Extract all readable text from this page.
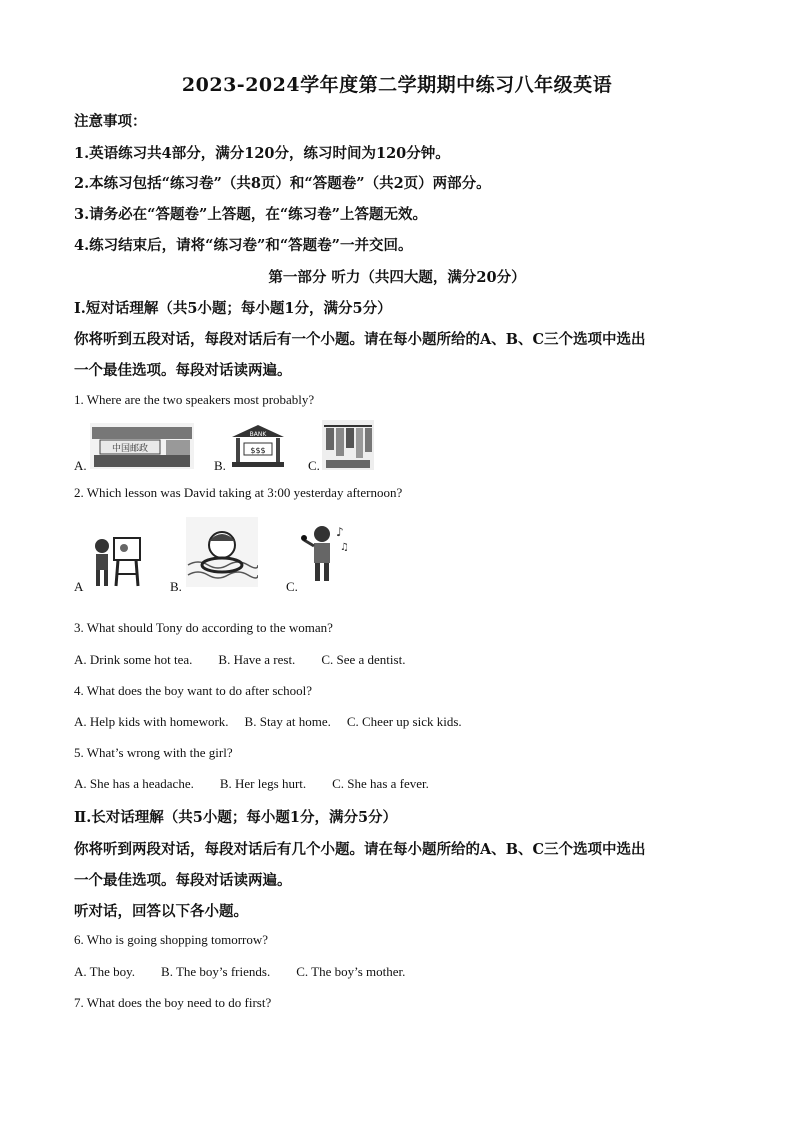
2023-2024学年度第二学期期中练习八年级英语
注意事项：
1.英语练习共4部分，满分120分，练习时间为120分钟。
2.本练习包括“练习卷”（共8页）和“答题卷”（共2页）两部分。
3.请务必在“答题卷”上答题，在“练习卷”上答题无效。
4.练习结束后，请将“练习卷”和“答题卷”一并交回。
第一部分 听力（共四大题，满分20分）
Ⅰ.短对话理解（共5小题；每小题1分，满分5分）
你将听到五段对话，每段对话后有一个小题。请在每小题所给的A、B、C三个选项中选出
一个最佳选项。每段对话读两遍。
1. Where are the two speakers most probably?
A.
中国邮政
B.
BANK
$$$
C.
2. Which lesson was David taking at 3:00 yesterday afternoon?
A	B.	C.
♪
♫
3. What should Tony do according to the woman?
A. Drink some hot tea. B. Have a rest. C. See a dentist.
4. What does the boy want to do after school?
A. Help kids with homework. B. Stay at home. C. Cheer up sick kids.
5. What’s wrong with the girl?
A. She has a headache. B. Her legs hurt. C. She has a fever.
Ⅱ.长对话理解（共5小题；每小题1分，满分5分）
你将听到两段对话，每段对话后有几个小题。请在每小题所给的A、B、C三个选项中选出
一个最佳选项。每段对话读两遍。
听对话，回答以下各小题。
6. Who is going shopping tomorrow?
A. The boy. B. The boy’s friends. C. The boy’s mother.
7. What does the boy need to do first?
